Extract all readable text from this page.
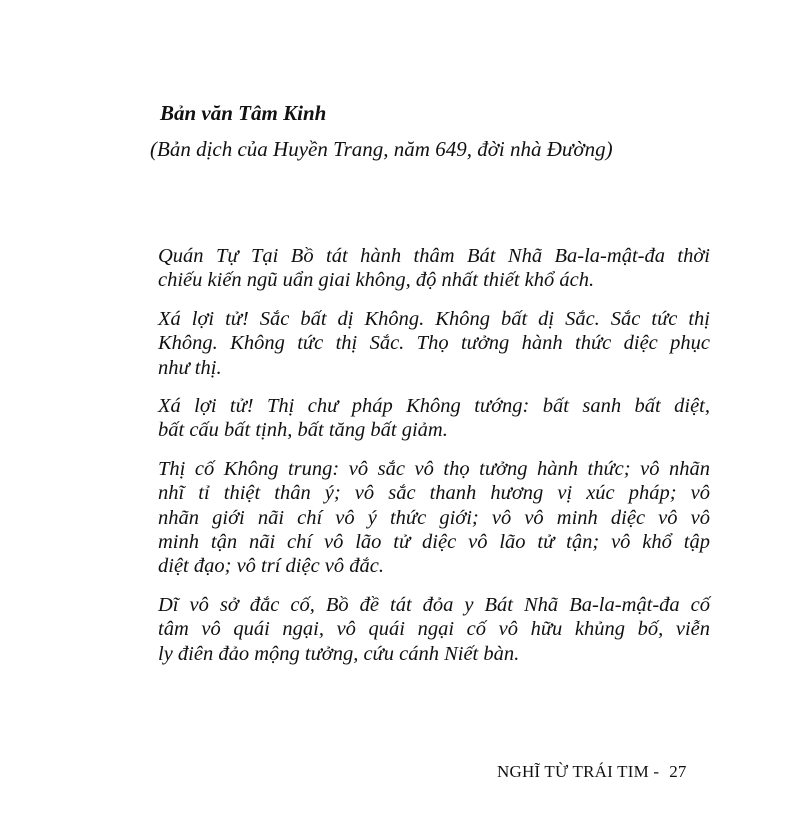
Bản văn Tâm Kinh
(Bản dịch của Huyền Trang, năm 649, đời nhà Đường)

Quán Tự Tại Bồ tát hành thâm Bát Nhã Ba-la-mật-đa thời
chiếu kiến ngũ uẩn giai không, độ nhất thiết khổ ách.

Xá lợi tử! Sắc bất dị Không. Không bất dị Sắc. Sắc tức thị
Không. Không tức thị Sắc. Thọ tưởng hành thức diệc phục
như thị.

Xá lợi tử! Thị chư pháp Không tướng: bất sanh bất diệt,
bất cấu bất tịnh, bất tăng bất giảm.

Thị cố Không trung: vô sắc vô thọ tưởng hành thức; vô nhãn
nhĩ tỉ thiệt thân ý; vô sắc thanh hương vị xúc pháp; vô
nhãn giới nãi chí vô ý thức giới; vô vô minh diệc vô vô
minh tận nãi chí vô lão tử diệc vô lão tử tận; vô khổ tập
diệt đạo; vô trí diệc vô đắc.

Dĩ vô sở đắc cố, Bồ đề tát đỏa y Bát Nhã Ba-la-mật-đa cố
tâm vô quái ngại, vô quái ngại cố vô hữu khủng bố, viễn
ly điên đảo mộng tưởng, cứu cánh Niết bàn.

NGHĨ TỪ TRÁI TIM - 27
